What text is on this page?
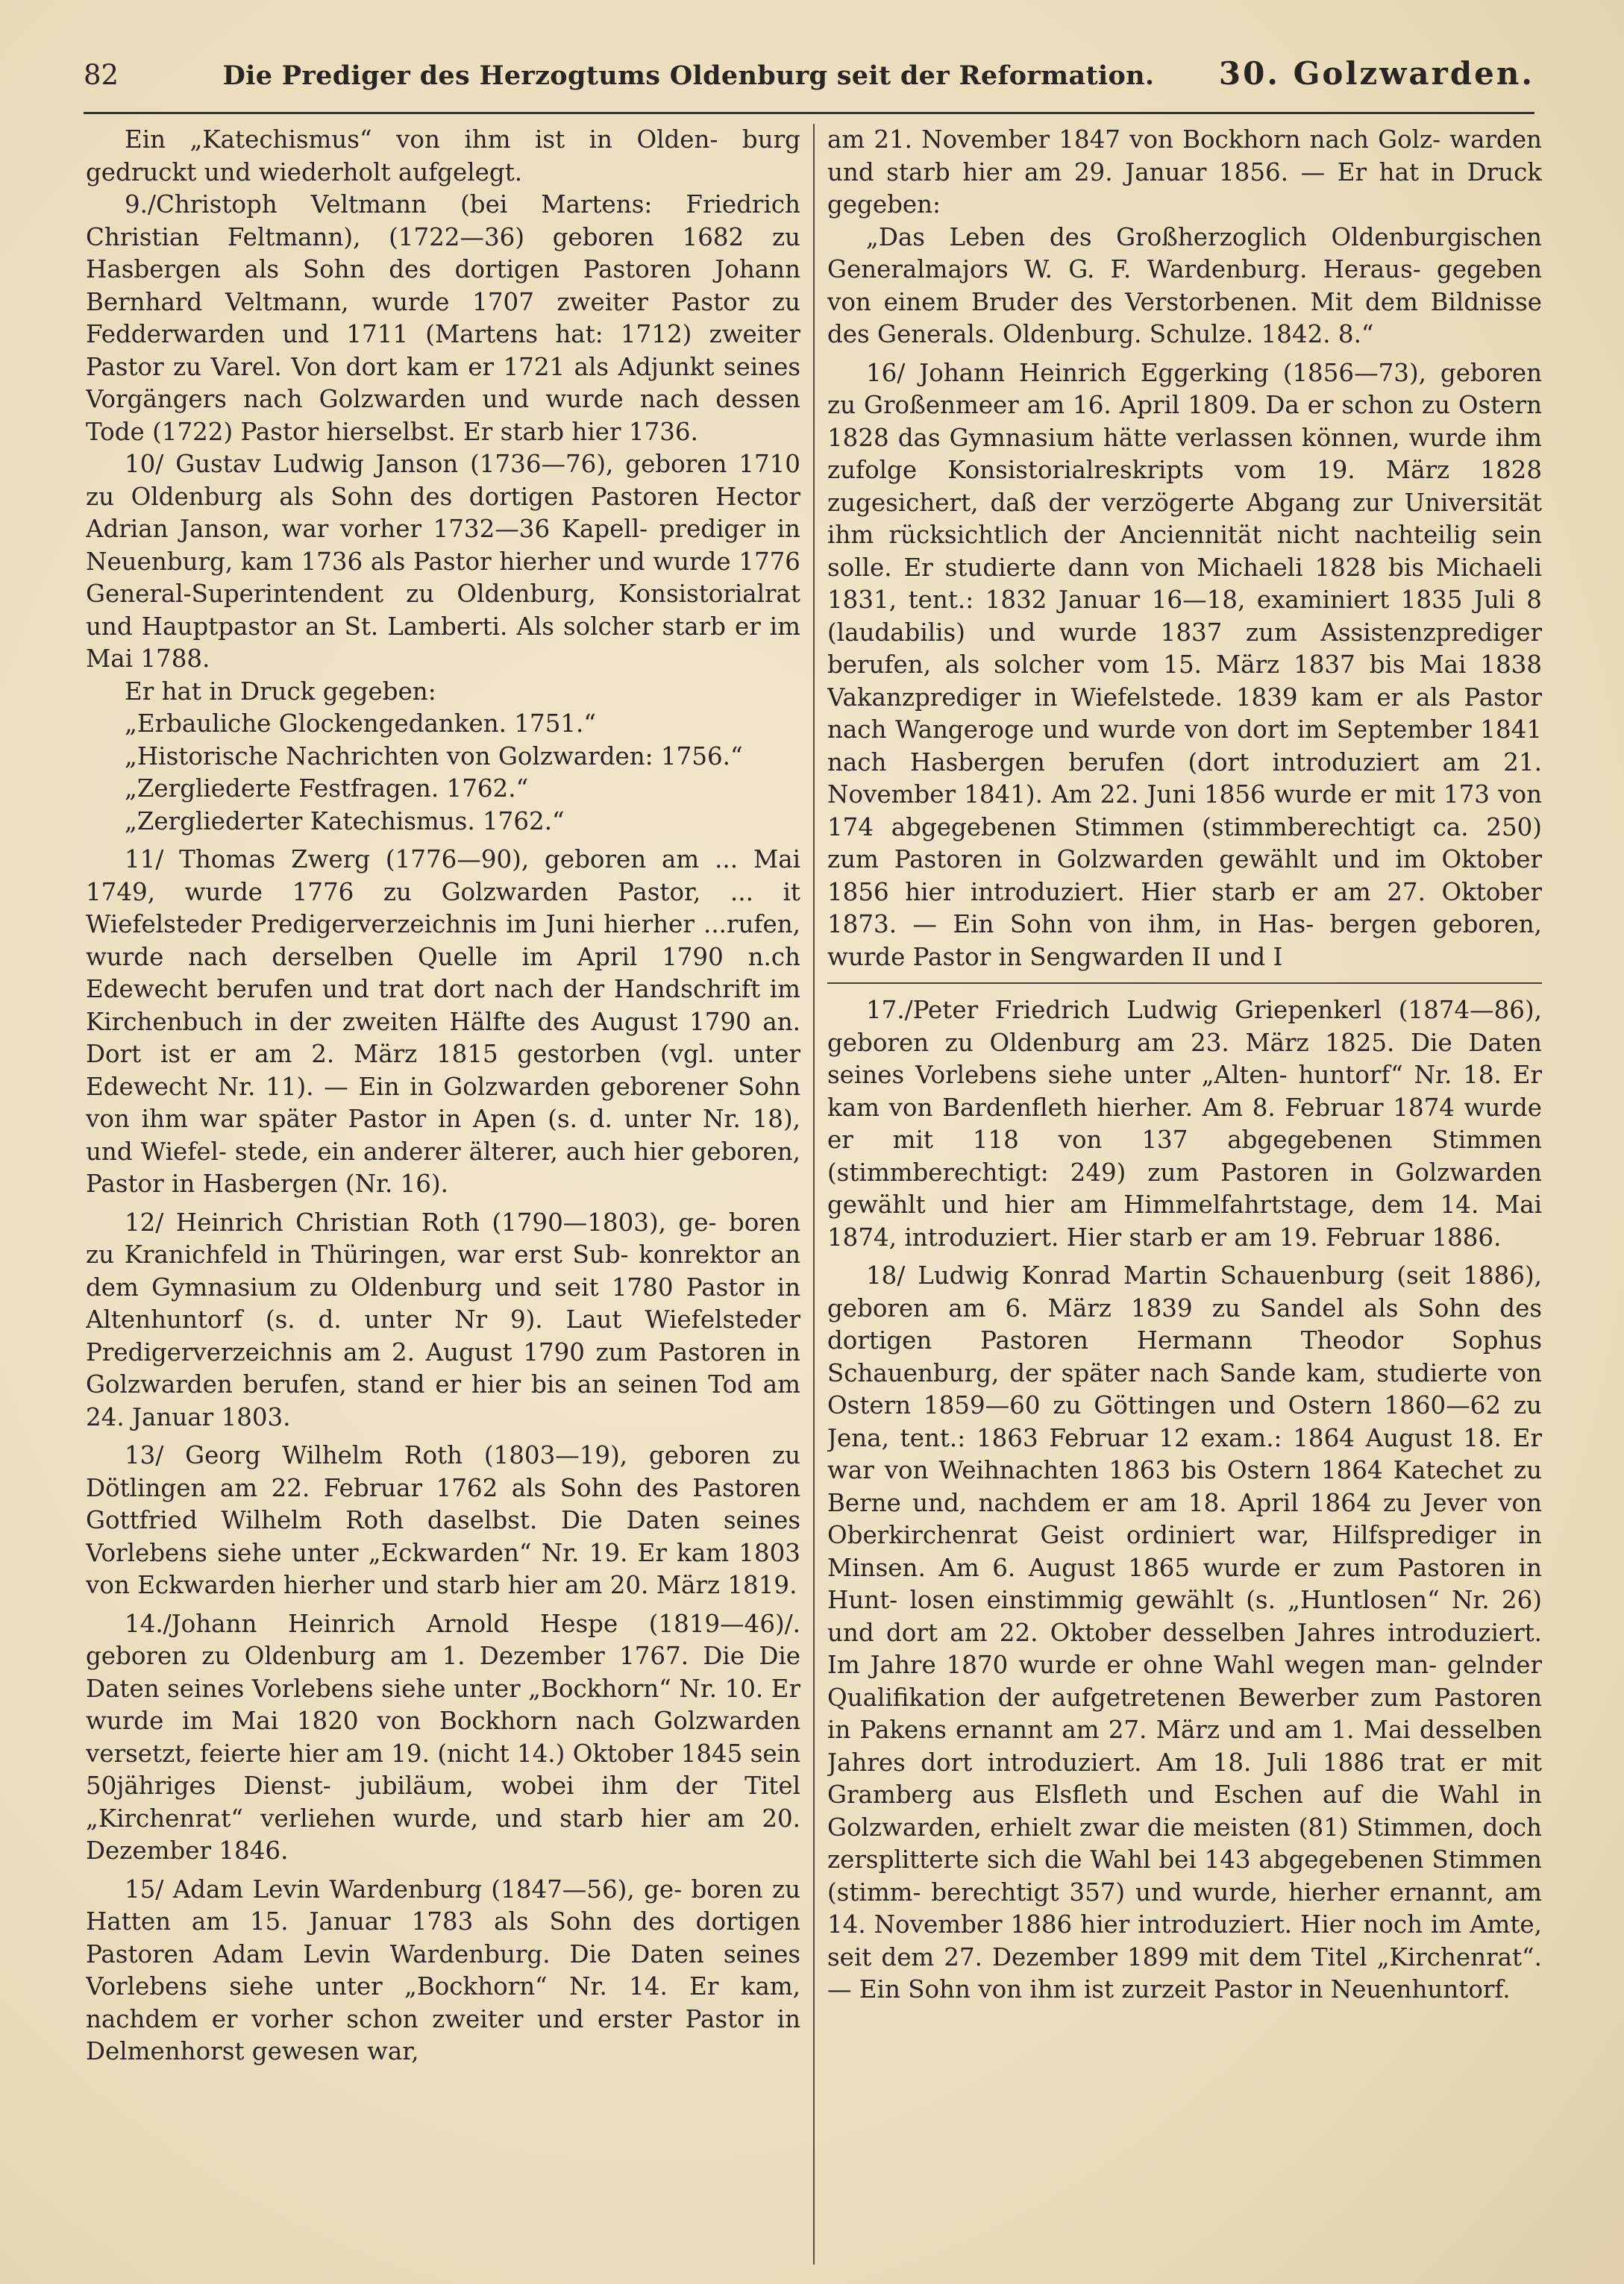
82	Die Prediger des Herzogtums Oldenburg seit der Reformation.	30. Golzwarden.

Ein „Katechismus“ von ihm ist in Olden- burg gedruckt und wiederholt aufgelegt.

9./Christoph Veltmann (bei Martens: Friedrich Christian Feltmann), (1722—36) geboren 1682 zu Hasbergen als Sohn des dortigen Pastoren Johann Bernhard Veltmann, wurde 1707 zweiter Pastor zu Fedderwarden und 1711 (Martens hat: 1712) zweiter Pastor zu Varel. Von dort kam er 1721 als Adjunkt seines Vorgängers nach Golzwarden und wurde nach dessen Tode (1722) Pastor hierselbst. Er starb hier 1736.

10/ Gustav Ludwig Janson (1736—76), geboren 1710 zu Oldenburg als Sohn des dortigen Pastoren Hector Adrian Janson, war vorher 1732—36 Kapell- prediger in Neuenburg, kam 1736 als Pastor hierher und wurde 1776 General-Superintendent zu Oldenburg, Konsistorialrat und Hauptpastor an St. Lamberti. Als solcher starb er im Mai 1788.

Er hat in Druck gegeben:

„Erbauliche Glockengedanken. 1751.“

„Historische Nachrichten von Golzwarden: 1756.“

„Zergliederte Festfragen. 1762.“

„Zergliederter Katechismus. 1762.“

11/ Thomas Zwerg (1776—90), geboren am ... Mai 1749, wurde 1776 zu Golzwarden Pastor, ... it Wiefelsteder Predigerverzeichnis im Juni hierher ...rufen, wurde nach derselben Quelle im April 1790 n.ch Edewecht berufen und trat dort nach der Handschrift im Kirchenbuch in der zweiten Hälfte des August 1790 an. Dort ist er am 2. März 1815 gestorben (vgl. unter Edewecht Nr. 11). — Ein in Golzwarden geborener Sohn von ihm war später Pastor in Apen (s. d. unter Nr. 18), und Wiefel- stede, ein anderer älterer, auch hier geboren, Pastor in Hasbergen (Nr. 16).

12/ Heinrich Christian Roth (1790—1803), ge- boren zu Kranichfeld in Thüringen, war erst Sub- konrektor an dem Gymnasium zu Oldenburg und seit 1780 Pastor in Altenhuntorf (s. d. unter Nr 9). Laut Wiefelsteder Predigerverzeichnis am 2. August 1790 zum Pastoren in Golzwarden berufen, stand er hier bis an seinen Tod am 24. Januar 1803.

13/ Georg Wilhelm Roth (1803—19), geboren zu Dötlingen am 22. Februar 1762 als Sohn des Pastoren Gottfried Wilhelm Roth daselbst. Die Daten seines Vorlebens siehe unter „Eckwarden“ Nr. 19. Er kam 1803 von Eckwarden hierher und starb hier am 20. März 1819.

14./Johann Heinrich Arnold Hespe (1819—46)/. geboren zu Oldenburg am 1. Dezember 1767. Die Die Daten seines Vorlebens siehe unter „Bockhorn“ Nr. 10. Er wurde im Mai 1820 von Bockhorn nach Golzwarden versetzt, feierte hier am 19. (nicht 14.) Oktober 1845 sein 50jähriges Dienst- jubiläum, wobei ihm der Titel „Kirchenrat“ verliehen wurde, und starb hier am 20. Dezember 1846.

15/ Adam Levin Wardenburg (1847—56), ge- boren zu Hatten am 15. Januar 1783 als Sohn des dortigen Pastoren Adam Levin Wardenburg. Die Daten seines Vorlebens siehe unter „Bockhorn“ Nr. 14. Er kam, nachdem er vorher schon zweiter und erster Pastor in Delmenhorst gewesen war,

am 21. November 1847 von Bockhorn nach Golz- warden und starb hier am 29. Januar 1856. — Er hat in Druck gegeben:

„Das Leben des Großherzoglich Oldenburgischen Generalmajors W. G. F. Wardenburg. Heraus- gegeben von einem Bruder des Verstorbenen. Mit dem Bildnisse des Generals. Oldenburg. Schulze. 1842. 8.“

16/ Johann Heinrich Eggerking (1856—73), geboren zu Großenmeer am 16. April 1809. Da er schon zu Ostern 1828 das Gymnasium hätte verlassen können, wurde ihm zufolge Konsistorialreskripts vom 19. März 1828 zugesichert, daß der verzögerte Abgang zur Universität ihm rücksichtlich der Anciennität nicht nachteilig sein solle. Er studierte dann von Michaeli 1828 bis Michaeli 1831, tent.: 1832 Januar 16—18, examiniert 1835 Juli 8 (laudabilis) und wurde 1837 zum Assistenzprediger berufen, als solcher vom 15. März 1837 bis Mai 1838 Vakanzprediger in Wiefelstede. 1839 kam er als Pastor nach Wangeroge und wurde von dort im September 1841 nach Hasbergen berufen (dort introduziert am 21. November 1841). Am 22. Juni 1856 wurde er mit 173 von 174 abgegebenen Stimmen (stimmberechtigt ca. 250) zum Pastoren in Golzwarden gewählt und im Oktober 1856 hier introduziert. Hier starb er am 27. Oktober 1873. — Ein Sohn von ihm, in Has- bergen geboren, wurde Pastor in Sengwarden II und I

17./Peter Friedrich Ludwig Griepenkerl (1874—86), geboren zu Oldenburg am 23. März 1825. Die Daten seines Vorlebens siehe unter „Alten- huntorf“ Nr. 18. Er kam von Bardenfleth hierher. Am 8. Februar 1874 wurde er mit 118 von 137 abgegebenen Stimmen (stimmberechtigt: 249) zum Pastoren in Golzwarden gewählt und hier am Himmelfahrtstage, dem 14. Mai 1874, introduziert. Hier starb er am 19. Februar 1886.

18/ Ludwig Konrad Martin Schauenburg (seit 1886), geboren am 6. März 1839 zu Sandel als Sohn des dortigen Pastoren Hermann Theodor Sophus Schauenburg, der später nach Sande kam, studierte von Ostern 1859—60 zu Göttingen und Ostern 1860—62 zu Jena, tent.: 1863 Februar 12 exam.: 1864 August 18. Er war von Weihnachten 1863 bis Ostern 1864 Katechet zu Berne und, nachdem er am 18. April 1864 zu Jever von Oberkirchenrat Geist ordiniert war, Hilfsprediger in Minsen. Am 6. August 1865 wurde er zum Pastoren in Hunt- losen einstimmig gewählt (s. „Huntlosen“ Nr. 26) und dort am 22. Oktober desselben Jahres introduziert. Im Jahre 1870 wurde er ohne Wahl wegen man- gelnder Qualifikation der aufgetretenen Bewerber zum Pastoren in Pakens ernannt am 27. März und am 1. Mai desselben Jahres dort introduziert. Am 18. Juli 1886 trat er mit Gramberg aus Elsfleth und Eschen auf die Wahl in Golzwarden, erhielt zwar die meisten (81) Stimmen, doch zersplitterte sich die Wahl bei 143 abgegebenen Stimmen (stimm- berechtigt 357) und wurde, hierher ernannt, am 14. November 1886 hier introduziert. Hier noch im Amte, seit dem 27. Dezember 1899 mit dem Titel „Kirchenrat“. — Ein Sohn von ihm ist zurzeit Pastor in Neuenhuntorf.
